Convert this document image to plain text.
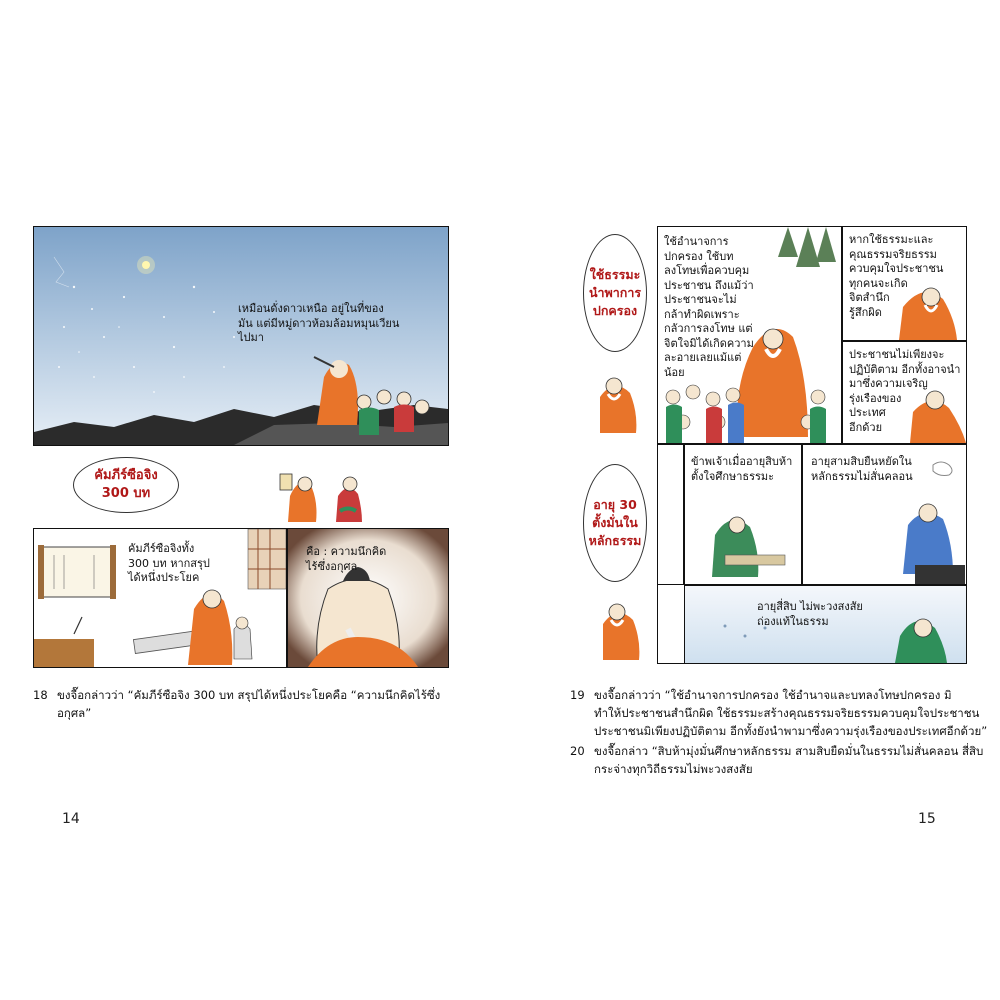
เหมือนดั่งดาวเหนือ อยู่ในที่ของ
มัน แต่มีหมู่ดาวห้อมล้อมหมุนเวียน
ไปมา
คัมภีร์ซือจิง
300 บท
คัมภีร์ซือจิงทั้ง
300 บท หากสรุป
ได้หนึ่งประโยค
คือ : ความนึกคิด
ไร้ซึ่งอกุศล
18 ขงจื๊อกล่าวว่า “คัมภีร์ซือจิง 300 บท สรุปได้หนึ่งประโยคคือ “ความนึกคิดไร้ซึ่ง
อกุศล”
14
ใช้ธรรมะ
นำพาการ
ปกครอง
อายุ 30
ตั้งมั่นใน
หลักธรรม
ใช้อำนาจการ
ปกครอง ใช้บท
ลงโทษเพื่อควบคุม
ประชาชน ถึงแม้ว่า
ประชาชนจะไม่
กล้าทำผิดเพราะ
กลัวการลงโทษ แต่
จิตใจมิได้เกิดความ
ละอายเลยแม้แต่
น้อย
หากใช้ธรรมะและ
คุณธรรมจริยธรรม
ควบคุมใจประชาชน
ทุกคนจะเกิด
จิตสำนึก
รู้สึกผิด
ประชาชนไม่เพียงจะ
ปฏิบัติตาม อีกทั้งอาจนำ
มาซึ่งความเจริญ
รุ่งเรืองของ
ประเทศ
อีกด้วย
ข้าพเจ้าเมื่ออายุสิบห้า
ตั้งใจศึกษาธรรมะ
อายุสามสิบยืนหยัดใน
หลักธรรมไม่สั่นคลอน
อายุสี่สิบ ไม่พะวงสงสัย
ถ่องแท้ในธรรม
19 ขงจื๊อกล่าวว่า “ใช้อำนาจการปกครอง ใช้อำนาจและบทลงโทษปกครอง มิ
ทำให้ประชาชนสำนึกผิด ใช้ธรรมะสร้างคุณธรรมจริยธรรมควบคุมใจประชาชน
ประชาชนมิเพียงปฏิบัติตาม อีกทั้งยังนำพามาซึ่งความรุ่งเรืองของประเทศอีกด้วย”
20 ขงจื๊อกล่าว “สิบห้ามุ่งมั่นศึกษาหลักธรรม สามสิบยืดมั่นในธรรมไม่สั่นคลอน สี่สิบ
กระจ่างทุกวิถีธรรมไม่พะวงสงสัย
15
